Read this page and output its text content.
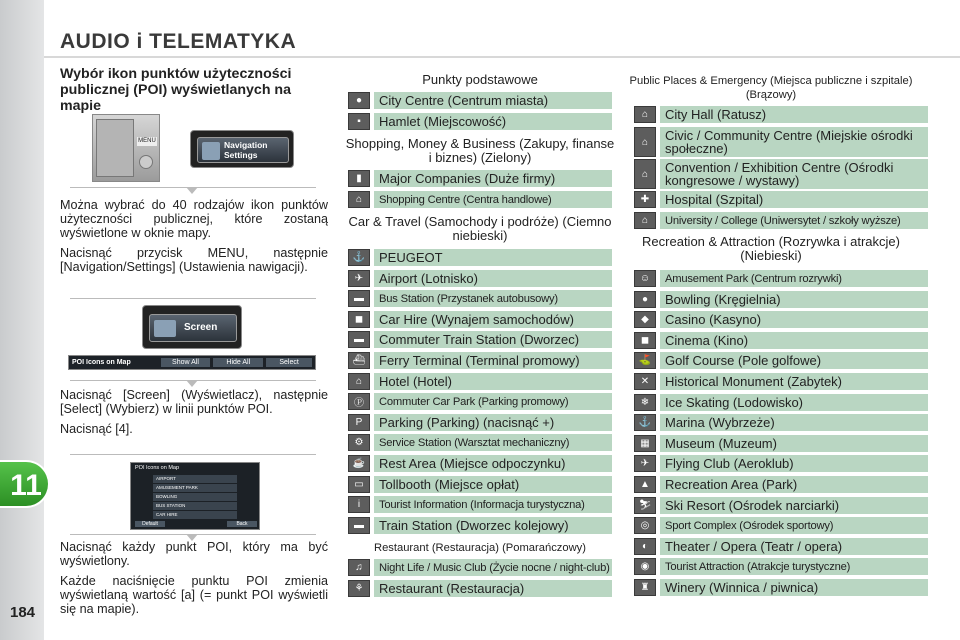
11
184
AUDIO i TELEMATYKA
Wybór ikon punktów użyteczności publicznej (POI) wyświetlanych na mapie
MENU	Navigation Settings

Można wybrać do 40 rodzajów ikon punktów użyteczności publicznej, które zostaną wyświetlone w oknie mapy.

Nacisnąć przycisk MENU, następnie [Navigation/Settings] (Ustawienia nawigacji).

Screen
POI Icons on Map	Show All	Hide All	Select

Nacisnąć [Screen] (Wyświetlacz), następnie [Select] (Wybierz) w linii punktów POI.

Nacisnąć [4].

POI Icons on Map
AIRPORT
AMUSEMENT PARK
BOWLING
BUS STATION
CAR HIRE
Default	Back

Nacisnąć każdy punkt POI, który ma być wyświetlony.

Każde naciśnięcie punktu POI zmienia wyświetlaną wartość [a] (= punkt POI wyświetli się na mapie).

Punkty podstawowe
●	City Centre (Centrum miasta)
▪	Hamlet (Miejscowość)
Shopping, Money & Business (Zakupy, finanse i biznes) (Zielony)
▮	Major Companies (Duże firmy)
⌂	Shopping Centre (Centra handlowe)
Car & Travel (Samochody i podróże) (Ciemno niebieski)
⚓	PEUGEOT
✈	Airport (Lotnisko)
▬	Bus Station (Przystanek autobusowy)
◼	Car Hire (Wynajem samochodów)
▬	Commuter Train Station (Dworzec)
⛴	Ferry Terminal (Terminal promowy)
⌂	Hotel (Hotel)
Ⓟ	Commuter Car Park (Parking promowy)
P	Parking (Parking) (nacisnąć +)
⚙	Service Station (Warsztat mechaniczny)
☕	Rest Area (Miejsce odpoczynku)
▭	Tollbooth (Miejsce opłat)
i	Tourist Information (Informacja turystyczna)
▬	Train Station (Dworzec kolejowy)
Restaurant (Restauracja) (Pomarańczowy)
♫	Night Life / Music Club (Życie nocne / night-club)
⚘	Restaurant (Restauracja)
Public Places & Emergency (Miejsca publiczne i szpitale) (Brązowy)
⌂	City Hall (Ratusz)
⌂	Civic / Community Centre (Miejskie ośrodki społeczne)
⌂	Convention / Exhibition Centre (Ośrodki kongresowe / wystawy)
✚	Hospital (Szpital)
⌂	University / College (Uniwersytet / szkoły wyższe)
Recreation & Attraction (Rozrywka i atrakcje) (Niebieski)
☺	Amusement Park (Centrum rozrywki)
●	Bowling (Kręgielnia)
◆	Casino (Kasyno)
◼	Cinema (Kino)
⛳	Golf Course (Pole golfowe)
✕	Historical Monument (Zabytek)
❄	Ice Skating (Lodowisko)
⚓	Marina (Wybrzeże)
▦	Museum (Muzeum)
✈	Flying Club (Aeroklub)
▲	Recreation Area (Park)
⛷	Ski Resort (Ośrodek narciarki)
◎	Sport Complex (Ośrodek sportowy)
◐	Theater / Opera (Teatr / opera)
◉	Tourist Attraction (Atrakcje turystyczne)
♜	Winery (Winnica / piwnica)
